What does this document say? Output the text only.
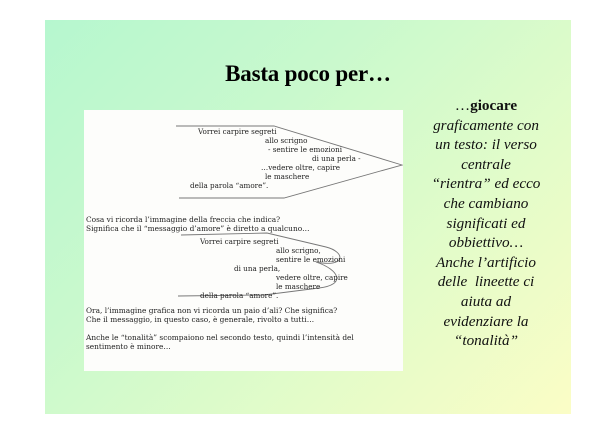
Basta poco per…
Vorrei carpire segreti
allo scrigno
- sentire le emozioni
di una perla -
…vedere oltre, capire
le maschere
della parola “amore”.
Cosa vi ricorda l’immagine della freccia che indica?
Significa che il “messaggio d’amore” è diretto a qualcuno…
Vorrei carpire segreti
allo scrigno,
sentire le emozioni
di una perla,
vedere oltre, capire
le maschere
della parola “amore”.
Ora, l’immagine grafica non vi ricorda un paio d’ali? Che significa?
Che il messaggio, in questo caso, è generale, rivolto a tutti…
Anche le “tonalità” scompaiono nel secondo testo, quindi l’intensità del
sentimento è minore…
…giocare
graficamente con
un testo: il verso
centrale
“rientra” ed ecco
che cambiano
significati ed
obbiettivo…
Anche l’artificio
delle  lineette ci
aiuta ad
evidenziare la
“tonalità”
